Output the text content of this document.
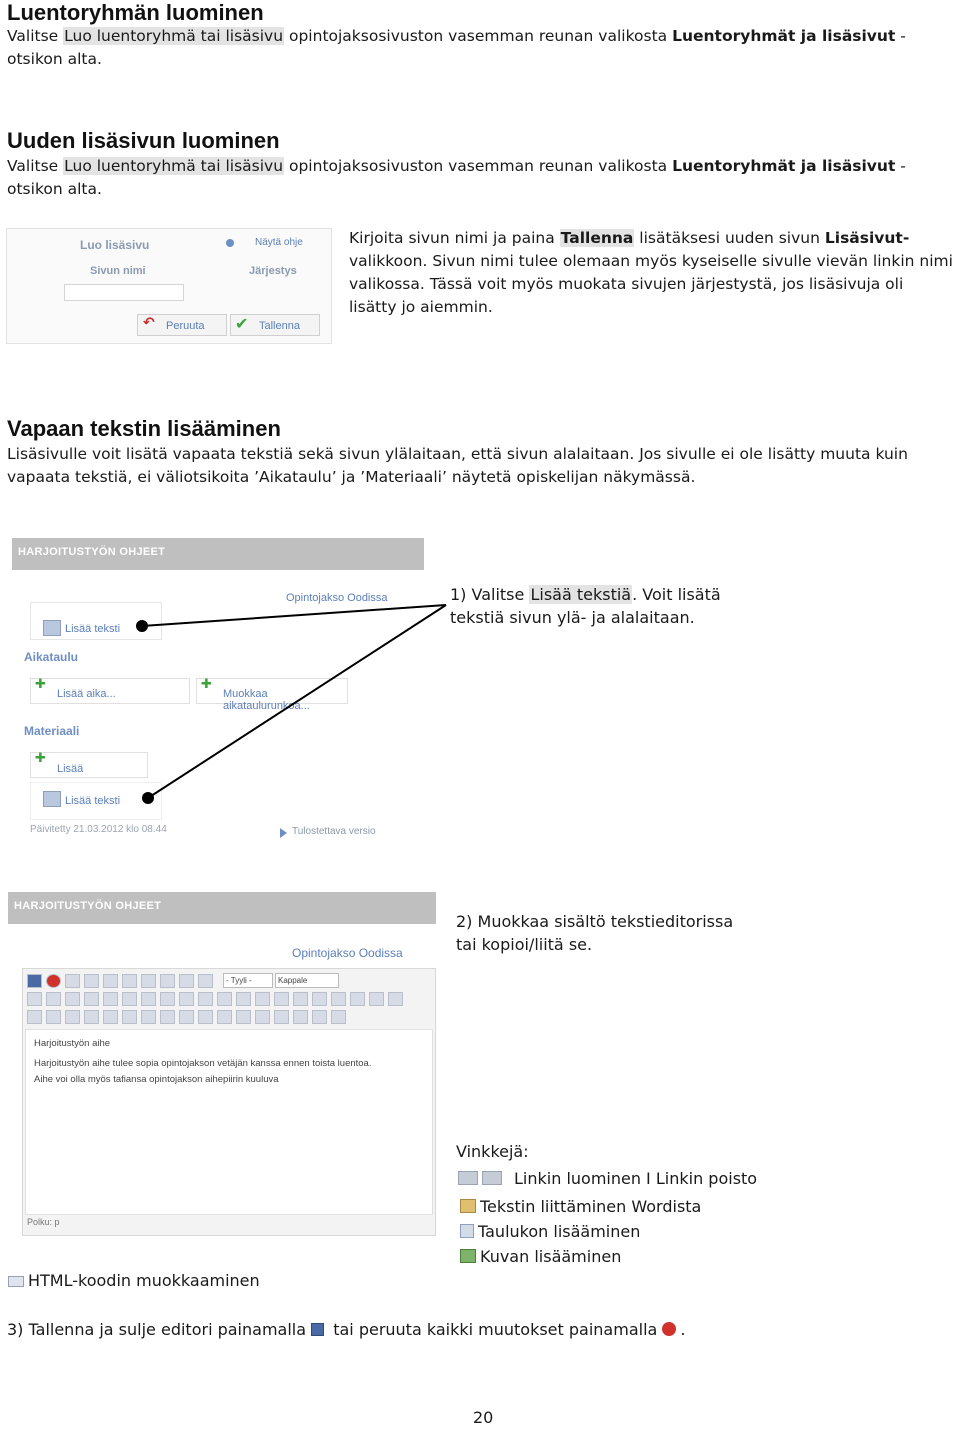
Luentoryhmän luominen
Valitse Luo luentoryhmä tai lisäsivu opintojaksosivuston vasemman reunan valikosta Luentoryhmät ja lisäsivut -
otsikon alta.
Uuden lisäsivun luominen
Valitse Luo luentoryhmä tai lisäsivu opintojaksosivuston vasemman reunan valikosta Luentoryhmät ja lisäsivut -
otsikon alta.
Luo lisäsivu	Näytä ohje
Sivun nimi	Järjestys
↶ Peruuta ✔ Tallenna
Kirjoita sivun nimi ja paina Tallenna lisätäksesi uuden sivun Lisäsivut- valikkoon. Sivun nimi tulee olemaan myös kyseiselle sivulle vievän linkin nimi valikossa. Tässä voit myös muokata sivujen järjestystä, jos lisäsivuja oli lisätty jo aiemmin.
Vapaan tekstin lisääminen
Lisäsivulle voit lisätä vapaata tekstiä sekä sivun ylälaitaan, että sivun alalaitaan. Jos sivulle ei ole lisätty muuta kuin vapaata tekstiä, ei väliotsikoita ’Aikataulu’ ja ’Materiaali’ näytetä opiskelijan näkymässä.
HARJOITUSTYÖN OHJEET
Opintojakso Oodissa
Lisää teksti
Aikataulu
✚
Lisää aika...
✚
Muokkaa aikataulurunkoa...
Materiaali
✚
Lisää
Lisää teksti
Päivitetty 21.03.2012 klo 08.44	Tulostettava versio
1) Valitse Lisää tekstiä. Voit lisätä
tekstiä sivun ylä- ja alalaitaan.
HARJOITUSTYÖN OHJEET
Opintojakso Oodissa
- Tyyli -	Kappale
Harjoitustyön aihe
Harjoitustyön aihe tulee sopia opintojakson vetäjän kanssa ennen toista luentoa.
Aihe voi olla myös tafiansa opintojakson aihepiirin kuuluva
Polku: p
2) Muokkaa sisältö tekstieditorissa
tai kopioi/liitä se.
Vinkkejä:
Linkin luominen I Linkin poisto
Tekstin liittäminen Wordista
Taulukon lisääminen
Kuvan lisääminen
HTML-koodin muokkaaminen
3) Tallenna ja sulje editori painamalla  tai peruuta kaikki muutokset painamalla .
20
